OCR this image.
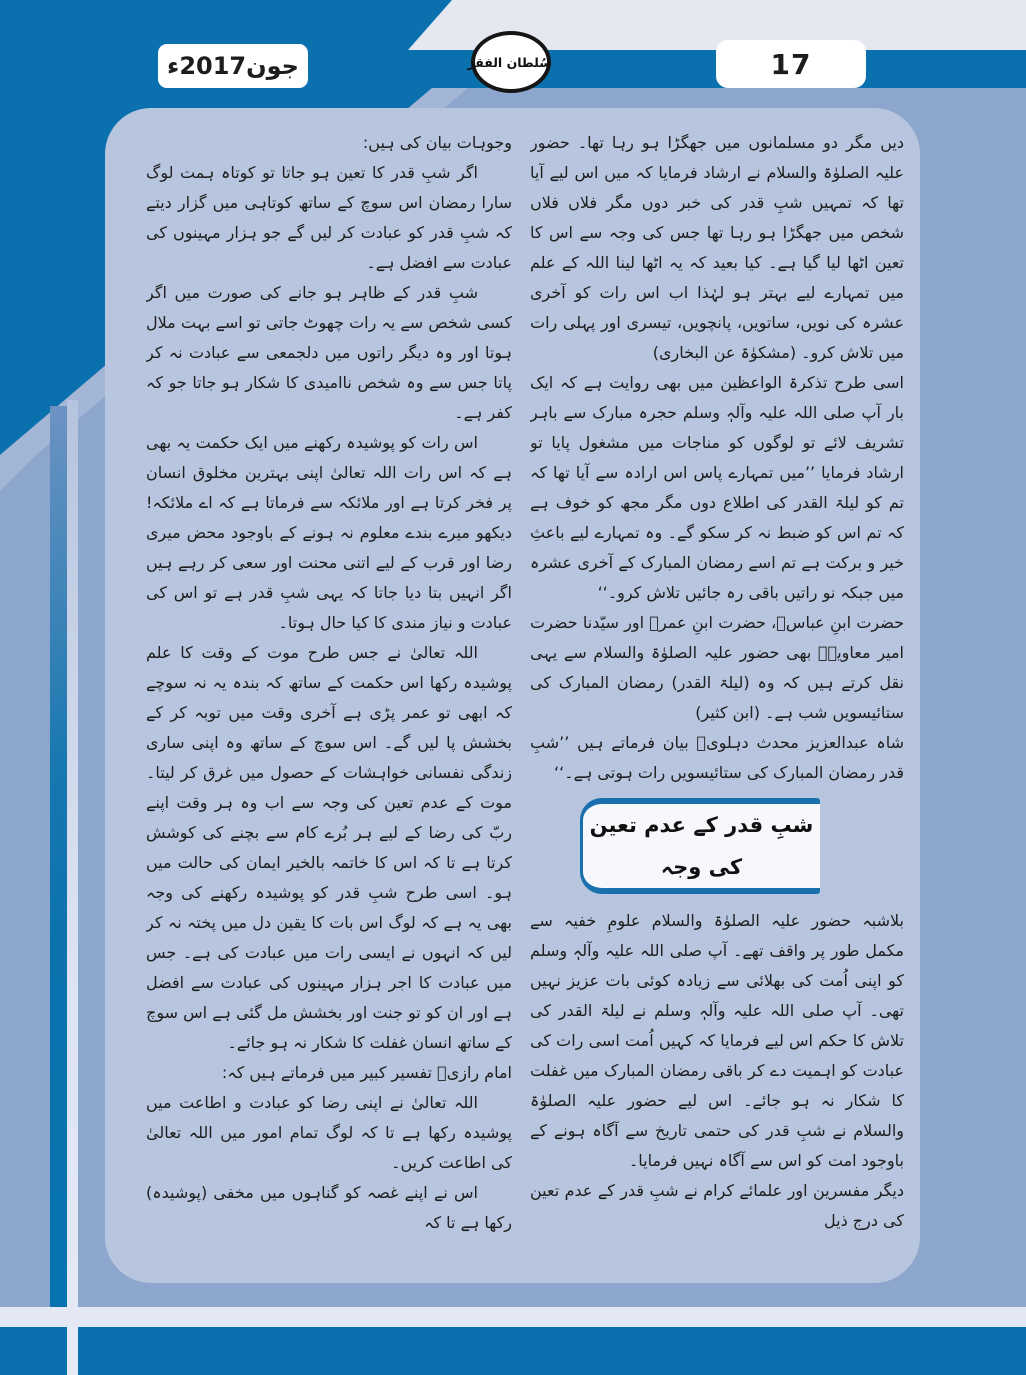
جون2017ء	سُلطان الفقر	17

دیں مگر دو مسلمانوں میں جھگڑا ہو رہا تھا۔ حضور علیہ الصلوٰۃ والسلام نے ارشاد فرمایا کہ میں اس لیے آیا تھا کہ تمہیں شبِ قدر کی خبر دوں مگر فلاں فلاں شخص میں جھگڑا ہو رہا تھا جس کی وجہ سے اس کا تعین اٹھا لیا گیا ہے۔ کیا بعید کہ یہ اٹھا لینا اللہ کے علم میں تمہارے لیے بہتر ہو لہٰذا اب اس رات کو آخری عشرہ کی نویں، ساتویں، پانچویں، تیسری اور پہلی رات میں تلاش کرو۔ (مشکوٰۃ عن البخاری)

اسی طرح تذکرۃ الواعظین میں بھی روایت ہے کہ ایک بار آپ صلی اللہ علیہ وآلہٖ وسلم حجرہ مبارک سے باہر تشریف لائے تو لوگوں کو مناجات میں مشغول پایا تو ارشاد فرمایا ’’میں تمہارے پاس اس ارادہ سے آیا تھا کہ تم کو لیلۃ القدر کی اطلاع دوں مگر مجھ کو خوف ہے کہ تم اس کو ضبط نہ کر سکو گے۔ وہ تمہارے لیے باعثِ خیر و برکت ہے تم اسے رمضان المبارک کے آخری عشرہ میں جبکہ نو راتیں باقی رہ جائیں تلاش کرو۔‘‘

حضرت ابنِ عباسؓ، حضرت ابنِ عمرؓ اور سیّدنا حضرت امیر معاویہؓ بھی حضور علیہ الصلوٰۃ والسلام سے یہی نقل کرتے ہیں کہ وہ (لیلۃ القدر) رمضان المبارک کی ستائیسویں شب ہے۔ (ابن کثیر)

شاہ عبدالعزیز محدث دہلویؒ بیان فرماتے ہیں ’’شبِ قدر رمضان المبارک کی ستائیسویں رات ہوتی ہے۔‘‘

شبِ قدر کے عدم تعین کی وجہ

بلاشبہ حضور علیہ الصلوٰۃ والسلام علومِ خفیہ سے مکمل طور پر واقف تھے۔ آپ صلی اللہ علیہ وآلہٖ وسلم کو اپنی اُمت کی بھلائی سے زیادہ کوئی بات عزیز نہیں تھی۔ آپ صلی اللہ علیہ وآلہٖ وسلم نے لیلۃ القدر کی تلاش کا حکم اس لیے فرمایا کہ کہیں اُمت اسی رات کی عبادت کو اہمیت دے کر باقی رمضان المبارک میں غفلت کا شکار نہ ہو جائے۔ اس لیے حضور علیہ الصلوٰۃ والسلام نے شبِ قدر کی حتمی تاریخ سے آگاہ ہونے کے باوجود امت کو اس سے آگاہ نہیں فرمایا۔

دیگر مفسرین اور علمائے کرام نے شبِ قدر کے عدم تعین کی درج ذیل

وجوہات بیان کی ہیں:

اگر شبِ قدر کا تعین ہو جاتا تو کوتاہ ہمت لوگ سارا رمضان اس سوچ کے ساتھ کوتاہی میں گزار دیتے کہ شبِ قدر کو عبادت کر لیں گے جو ہزار مہینوں کی عبادت سے افضل ہے۔

شبِ قدر کے ظاہر ہو جانے کی صورت میں اگر کسی شخص سے یہ رات چھوٹ جاتی تو اسے بہت ملال ہوتا اور وہ دیگر راتوں میں دلجمعی سے عبادت نہ کر پاتا جس سے وہ شخص ناامیدی کا شکار ہو جاتا جو کہ کفر ہے۔

اس رات کو پوشیدہ رکھنے میں ایک حکمت یہ بھی ہے کہ اس رات اللہ تعالیٰ اپنی بہترین مخلوق انسان پر فخر کرتا ہے اور ملائکہ سے فرماتا ہے کہ اے ملائکہ! دیکھو میرے بندے معلوم نہ ہونے کے باوجود محض میری رضا اور قرب کے لیے اتنی محنت اور سعی کر رہے ہیں اگر انہیں بتا دیا جاتا کہ یہی شبِ قدر ہے تو اس کی عبادت و نیاز مندی کا کیا حال ہوتا۔

اللہ تعالیٰ نے جس طرح موت کے وقت کا علم پوشیدہ رکھا اس حکمت کے ساتھ کہ بندہ یہ نہ سوچے کہ ابھی تو عمر پڑی ہے آخری وقت میں توبہ کر کے بخشش پا لیں گے۔ اس سوچ کے ساتھ وہ اپنی ساری زندگی نفسانی خواہشات کے حصول میں غرق کر لیتا۔ موت کے عدم تعین کی وجہ سے اب وہ ہر وقت اپنے ربّ کی رضا کے لیے ہر بُرے کام سے بچنے کی کوشش کرتا ہے تا کہ اس کا خاتمہ بالخیر ایمان کی حالت میں ہو۔ اسی طرح شبِ قدر کو پوشیدہ رکھنے کی وجہ بھی یہ ہے کہ لوگ اس بات کا یقین دل میں پختہ نہ کر لیں کہ انہوں نے ایسی رات میں عبادت کی ہے۔ جس میں عبادت کا اجر ہزار مہینوں کی عبادت سے افضل ہے اور ان کو تو جنت اور بخشش مل گئی ہے اس سوچ کے ساتھ انسان غفلت کا شکار نہ ہو جائے۔

امام رازیؒ تفسیر کبیر میں فرماتے ہیں کہ:

اللہ تعالیٰ نے اپنی رضا کو عبادت و اطاعت میں پوشیدہ رکھا ہے تا کہ لوگ تمام امور میں اللہ تعالیٰ کی اطاعت کریں۔

اس نے اپنے غصہ کو گناہوں میں مخفی (پوشیدہ) رکھا ہے تا کہ
